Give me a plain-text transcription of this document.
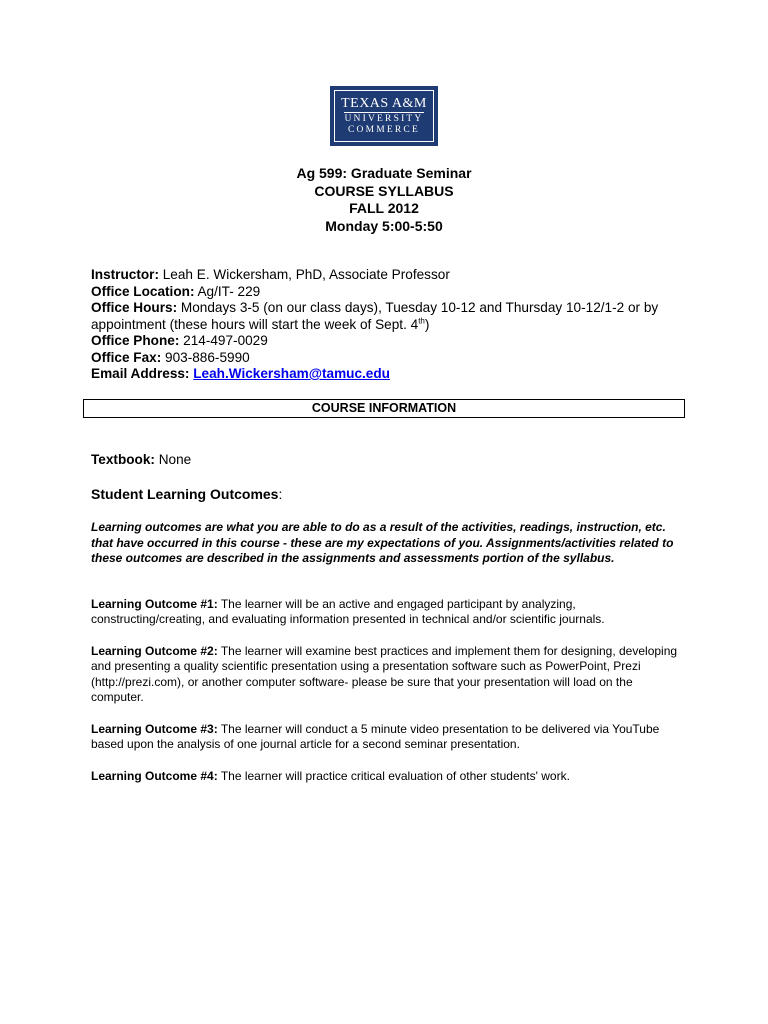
TEXAS A&M
UNIVERSITY
COMMERCE
Ag 599: Graduate Seminar
COURSE SYLLABUS
FALL 2012
Monday 5:00-5:50
Instructor: Leah E. Wickersham, PhD, Associate Professor
Office Location: Ag/IT- 229
Office Hours: Mondays 3-5 (on our class days), Tuesday 10-12 and Thursday 10-12/1-2 or by appointment (these hours will start the week of Sept. 4th)
Office Phone: 214-497-0029
Office Fax: 903-886-5990
Email Address: Leah.Wickersham@tamuc.edu
COURSE INFORMATION
Textbook: None
Student Learning Outcomes:
Learning outcomes are what you are able to do as a result of the activities, readings, instruction, etc. that have occurred in this course - these are my expectations of you. Assignments/activities related to these outcomes are described in the assignments and assessments portion of the syllabus.
Learning Outcome #1: The learner will be an active and engaged participant by analyzing, constructing/creating, and evaluating information presented in technical and/or scientific journals.
Learning Outcome #2: The learner will examine best practices and implement them for designing, developing and presenting a quality scientific presentation using a presentation software such as PowerPoint, Prezi (http://prezi.com), or another computer software- please be sure that your presentation will load on the computer.
Learning Outcome #3: The learner will conduct a 5 minute video presentation to be delivered via YouTube based upon the analysis of one journal article for a second seminar presentation.
Learning Outcome #4: The learner will practice critical evaluation of other students' work.
